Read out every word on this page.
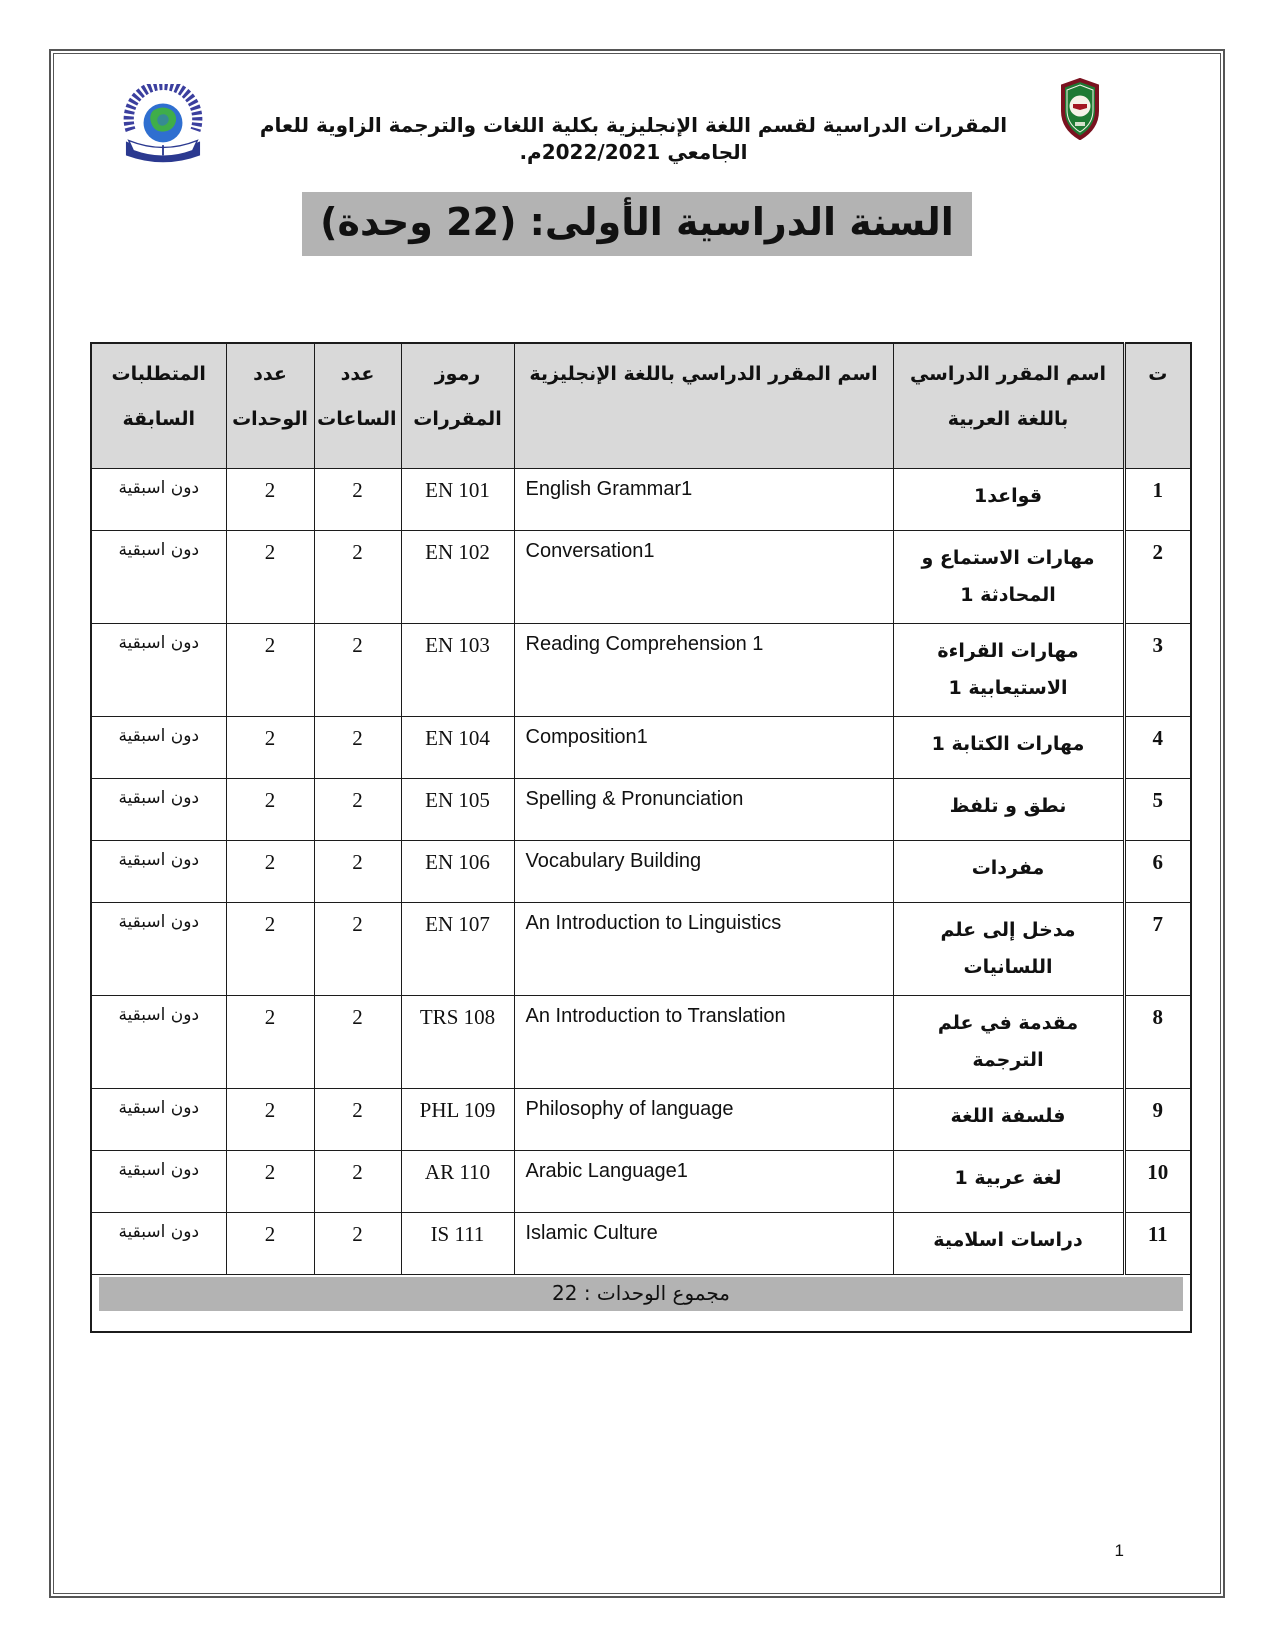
المقررات الدراسية لقسم اللغة الإنجليزية بكلية اللغات والترجمة الزاوية للعام الجامعي 2022/2021م.
السنة الدراسية الأولى: (22 وحدة)
ت	اسم المقرر الدراسي باللغة العربية	اسم المقرر الدراسي باللغة الإنجليزية	رموز المقررات	عدد الساعات	عدد الوحدات	المتطلبات السابقة
1	قواعد1	English Grammar1	EN 101	2	2	دون اسبقية
2	مهارات الاستماع و المحادثة 1	Conversation1	EN 102	2	2	دون اسبقية
3	مهارات القراءة الاستيعابية 1	Reading Comprehension 1	EN 103	2	2	دون اسبقية
4	مهارات الكتابة 1	Composition1	EN 104	2	2	دون اسبقية
5	نطق و تلفظ	Spelling & Pronunciation	EN 105	2	2	دون اسبقية
6	مفردات	Vocabulary Building	EN 106	2	2	دون اسبقية
7	مدخل إلى علم اللسانيات	An Introduction to Linguistics	EN 107	2	2	دون اسبقية
8	مقدمة في علم الترجمة	An Introduction to Translation	TRS 108	2	2	دون اسبقية
9	فلسفة اللغة	Philosophy of language	PHL 109	2	2	دون اسبقية
10	لغة عربية 1	Arabic Language1	AR 110	2	2	دون اسبقية
11	دراسات اسلامية	Islamic Culture	IS 111	2	2	دون اسبقية

مجموع الوحدات : 22						
1
